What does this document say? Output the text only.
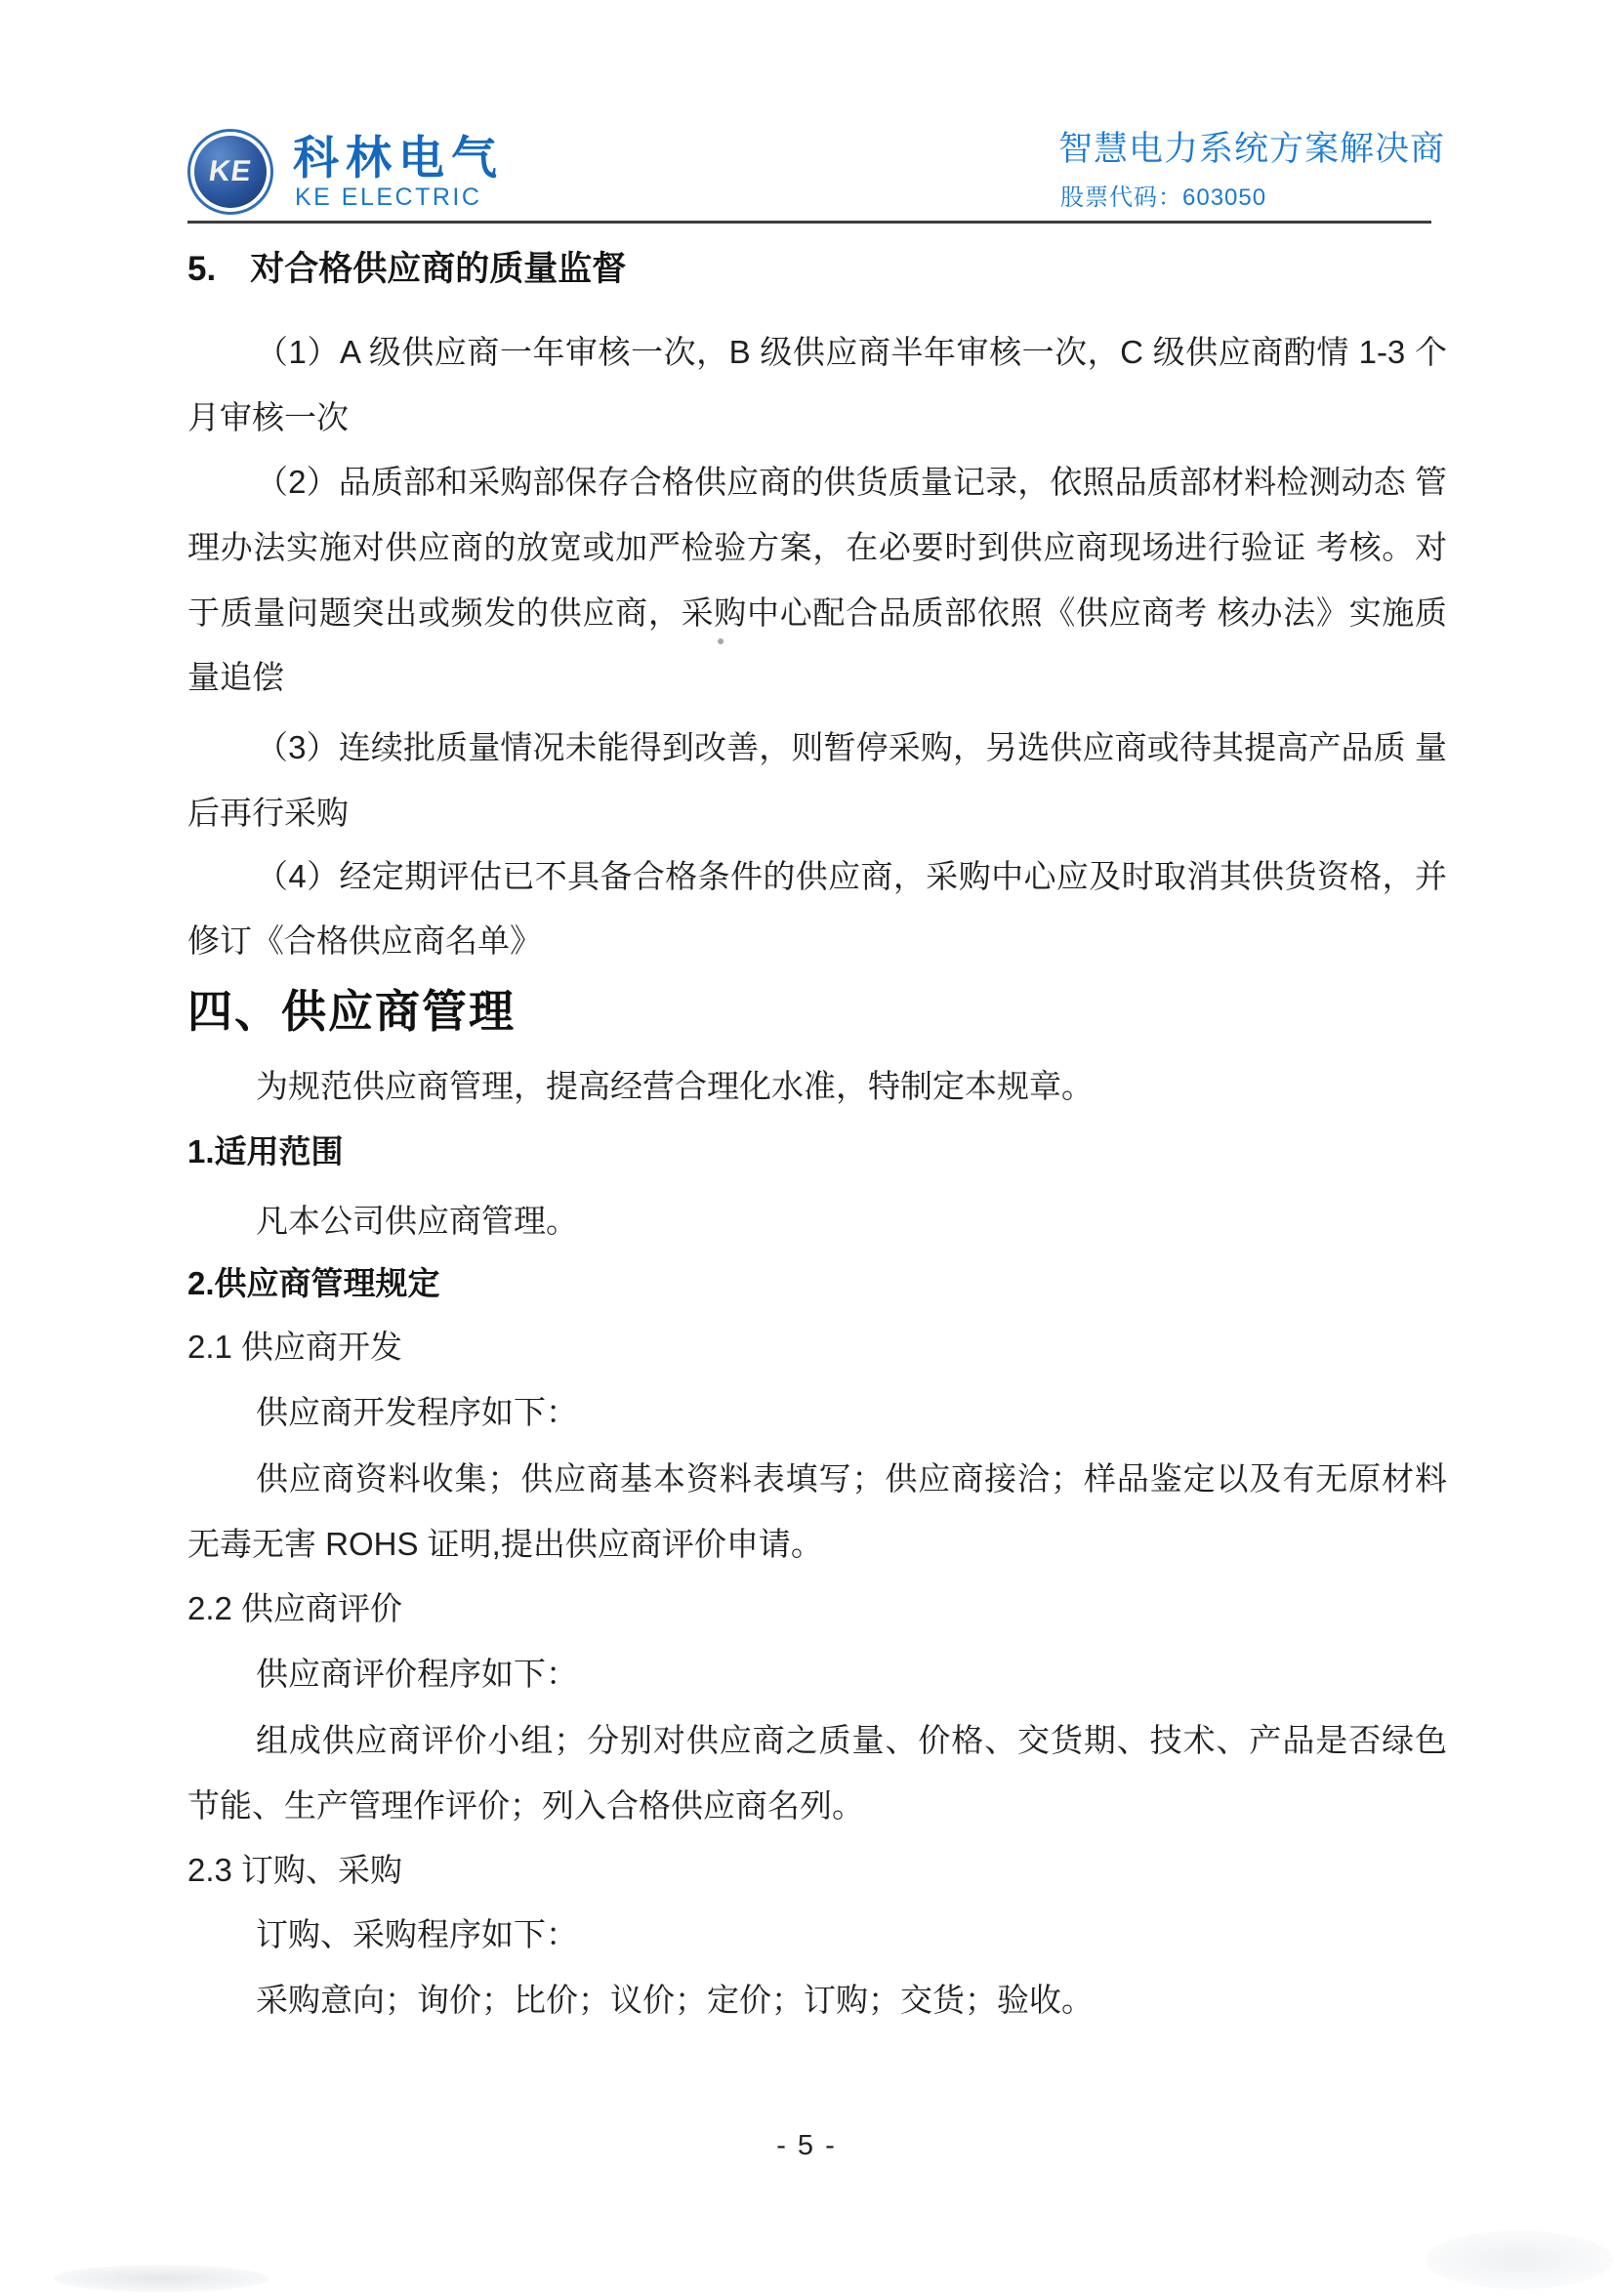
KE 科林电气
KE ELECTRIC
智慧电力系统方案解决商
股票代码：603050
5. 对合格供应商的质量监督
（1）A 级供应商一年审核一次，B 级供应商半年审核一次，C 级供应商酌情 1-3 个
月审核一次
（2）品质部和采购部保存合格供应商的供货质量记录，依照品质部材料检测动态 管
理办法实施对供应商的放宽或加严检验方案，在必要时到供应商现场进行验证 考核。对
于质量问题突出或频发的供应商，采购中心配合品质部依照《供应商考 核办法》实施质
量追偿
（3）连续批质量情况未能得到改善，则暂停采购，另选供应商或待其提高产品质 量
后再行采购
（4）经定期评估已不具备合格条件的供应商，采购中心应及时取消其供货资格，并
修订《合格供应商名单》
四、供应商管理
为规范供应商管理，提高经营合理化水准，特制定本规章。
1.适用范围
凡本公司供应商管理。
2.供应商管理规定
2.1 供应商开发
供应商开发程序如下：
供应商资料收集；供应商基本资料表填写；供应商接洽；样品鉴定以及有无原材料
无毒无害 ROHS 证明,提出供应商评价申请。
2.2 供应商评价
供应商评价程序如下：
组成供应商评价小组；分别对供应商之质量、价格、交货期、技术、产品是否绿色
节能、生产管理作评价；列入合格供应商名列。
2.3 订购、采购
订购、采购程序如下：
采购意向；询价；比价；议价；定价；订购；交货；验收。
- 5 -
